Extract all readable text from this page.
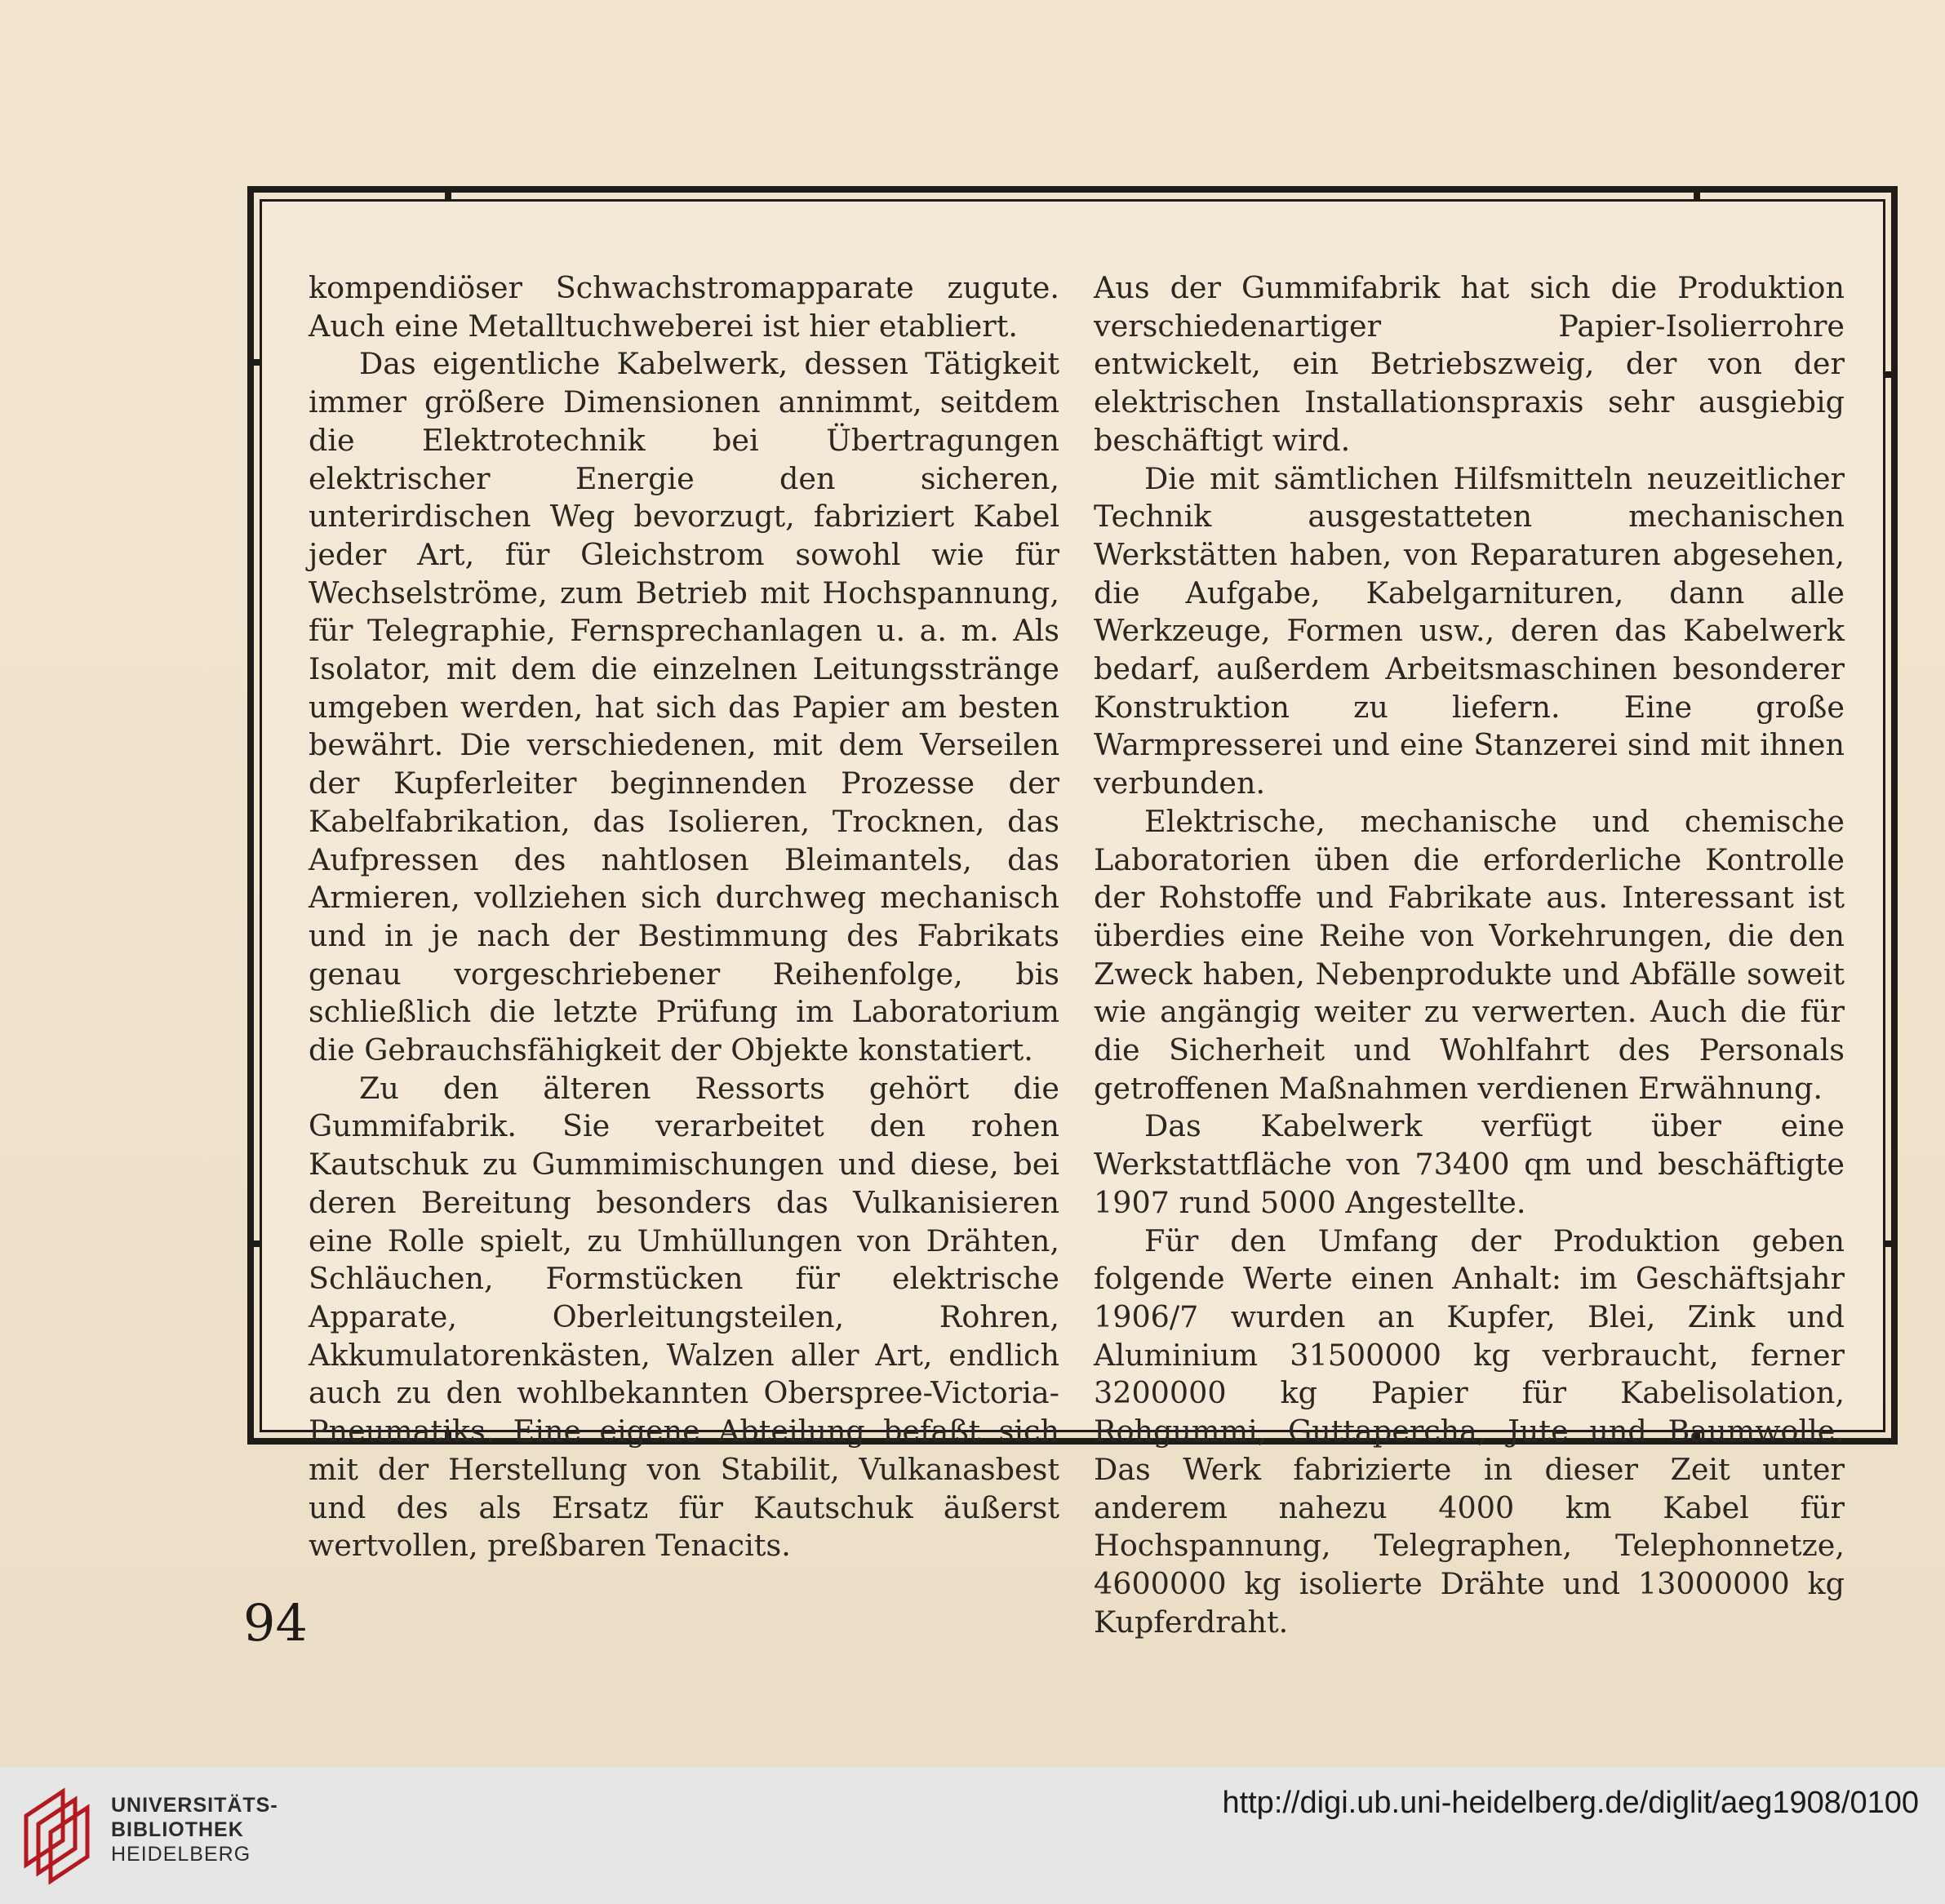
kompendiöser Schwachstromapparate zugute. Auch eine Metalltuchweberei ist hier etabliert.

Das eigentliche Kabelwerk, dessen Tätigkeit immer größere Dimensionen annimmt, seitdem die Elektrotechnik bei Übertragungen elektrischer Energie den sicheren, unterirdischen Weg bevorzugt, fabriziert Kabel jeder Art, für Gleichstrom sowohl wie für Wechselströme, zum Betrieb mit Hochspannung, für Telegraphie, Fernsprechanlagen u. a. m. Als Isolator, mit dem die einzelnen Leitungsstränge umgeben werden, hat sich das Papier am besten bewährt. Die verschiedenen, mit dem Verseilen der Kupferleiter beginnenden Prozesse der Kabelfabrikation, das Isolieren, Trocknen, das Aufpressen des nahtlosen Bleimantels, das Armieren, vollziehen sich durchweg mechanisch und in je nach der Bestimmung des Fabrikats genau vorgeschriebener Reihenfolge, bis schließlich die letzte Prüfung im Laboratorium die Gebrauchsfähigkeit der Objekte konstatiert.

Zu den älteren Ressorts gehört die Gummifabrik. Sie verarbeitet den rohen Kautschuk zu Gummimischungen und diese, bei deren Bereitung besonders das Vulkanisieren eine Rolle spielt, zu Umhüllungen von Drähten, Schläuchen, Formstücken für elektrische Apparate, Oberleitungsteilen, Rohren, Akkumulatorenkästen, Walzen aller Art, endlich auch zu den wohlbekannten Oberspree-Victoria-Pneumatiks. Eine eigene Abteilung befaßt sich mit der Herstellung von Stabilit, Vulkanasbest und des als Ersatz für Kautschuk äußerst wertvollen, preßbaren Tenacits.

Aus der Gummifabrik hat sich die Produktion verschiedenartiger Papier-Isolierrohre entwickelt, ein Betriebszweig, der von der elektrischen Installationspraxis sehr ausgiebig beschäftigt wird.

Die mit sämtlichen Hilfsmitteln neuzeitlicher Technik ausgestatteten mechanischen Werkstätten haben, von Reparaturen abgesehen, die Aufgabe, Kabelgarnituren, dann alle Werkzeuge, Formen usw., deren das Kabelwerk bedarf, außerdem Arbeitsmaschinen besonderer Konstruktion zu liefern. Eine große Warmpresserei und eine Stanzerei sind mit ihnen verbunden.

Elektrische, mechanische und chemische Laboratorien üben die erforderliche Kontrolle der Rohstoffe und Fabrikate aus. Interessant ist überdies eine Reihe von Vorkehrungen, die den Zweck haben, Nebenprodukte und Abfälle soweit wie angängig weiter zu verwerten. Auch die für die Sicherheit und Wohlfahrt des Personals getroffenen Maßnahmen verdienen Erwähnung.

Das Kabelwerk verfügt über eine Werkstattfläche von 73400 qm und beschäftigte 1907 rund 5000 Angestellte.

Für den Umfang der Produktion geben folgende Werte einen Anhalt: im Geschäftsjahr 1906/7 wurden an Kupfer, Blei, Zink und Aluminium 31500000 kg verbraucht, ferner 3200000 kg Papier für Kabelisolation, Rohgummi, Guttapercha, Jute und Baumwolle. Das Werk fabrizierte in dieser Zeit unter anderem nahezu 4000 km Kabel für Hochspannung, Telegraphen, Telephonnetze, 4600000 kg isolierte Drähte und 13000000 kg Kupferdraht.

94
UNIVERSITÄTS-
BIBLIOTHEK
HEIDELBERG
http://digi.ub.uni-heidelberg.de/diglit/aeg1908/0100
